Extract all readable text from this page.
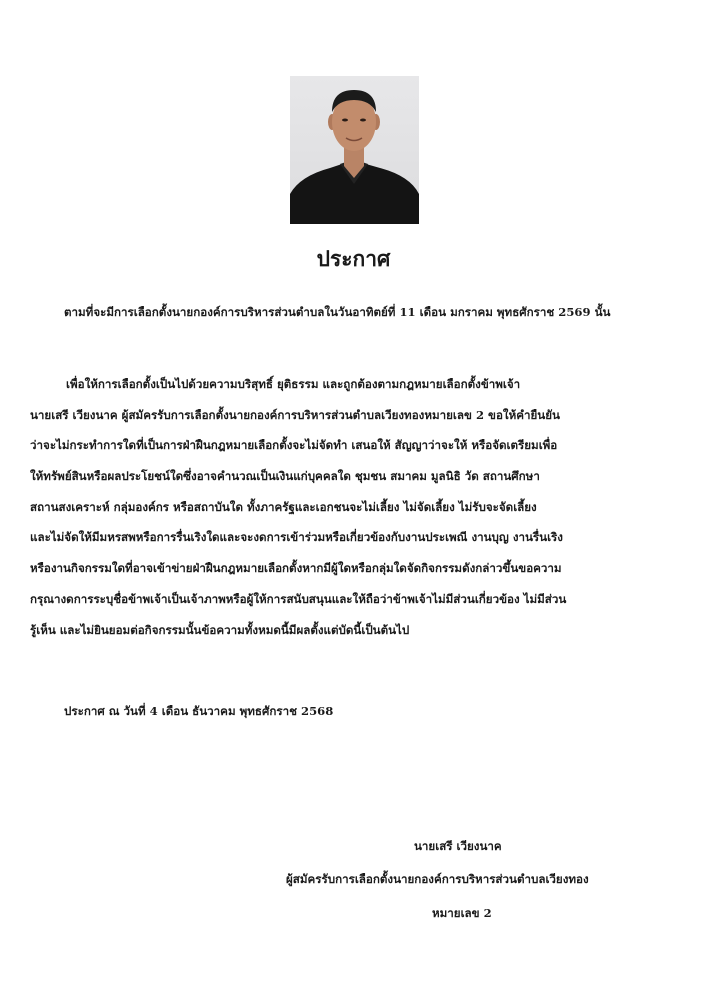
ประกาศ
ตามที่จะมีการเลือกตั้งนายกองค์การบริหารส่วนตำบลในวันอาทิตย์ที่ 11 เดือน มกราคม พุทธศักราช 2569 นั้น
เพื่อให้การเลือกตั้งเป็นไปด้วยความบริสุทธิ์ ยุติธรรม และถูกต้องตามกฎหมายเลือกตั้งข้าพเจ้า
นายเสรี เวียงนาค ผู้สมัครรับการเลือกตั้งนายกองค์การบริหารส่วนตำบลเวียงทองหมายเลข 2 ขอให้คำยืนยัน
ว่าจะไม่กระทำการใดที่เป็นการฝ่าฝืนกฎหมายเลือกตั้งจะไม่จัดทำ เสนอให้ สัญญาว่าจะให้ หรือจัดเตรียมเพื่อ
ให้ทรัพย์สินหรือผลประโยชน์ใดซึ่งอาจคำนวณเป็นเงินแก่บุคคลใด ชุมชน สมาคม มูลนิธิ วัด สถานศึกษา
สถานสงเคราะห์ กลุ่มองค์กร หรือสถาบันใด ทั้งภาครัฐและเอกชนจะไม่เลี้ยง ไม่จัดเลี้ยง ไม่รับจะจัดเลี้ยง
และไม่จัดให้มีมหรสพหรือการรื่นเริงใดและจะงดการเข้าร่วมหรือเกี่ยวข้องกับงานประเพณี งานบุญ งานรื่นเริง
หรืองานกิจกรรมใดที่อาจเข้าข่ายฝ่าฝืนกฎหมายเลือกตั้งหากมีผู้ใดหรือกลุ่มใดจัดกิจกรรมดังกล่าวขึ้นขอความ
กรุณางดการระบุชื่อข้าพเจ้าเป็นเจ้าภาพหรือผู้ให้การสนับสนุนและให้ถือว่าข้าพเจ้าไม่มีส่วนเกี่ยวข้อง ไม่มีส่วน
รู้เห็น และไม่ยินยอมต่อกิจกรรมนั้นข้อความทั้งหมดนี้มีผลตั้งแต่บัดนี้เป็นต้นไป
ประกาศ ณ วันที่ 4 เดือน ธันวาคม พุทธศักราช 2568
นายเสรี เวียงนาค
ผู้สมัครรับการเลือกตั้งนายกองค์การบริหารส่วนตำบลเวียงทอง
หมายเลข 2
